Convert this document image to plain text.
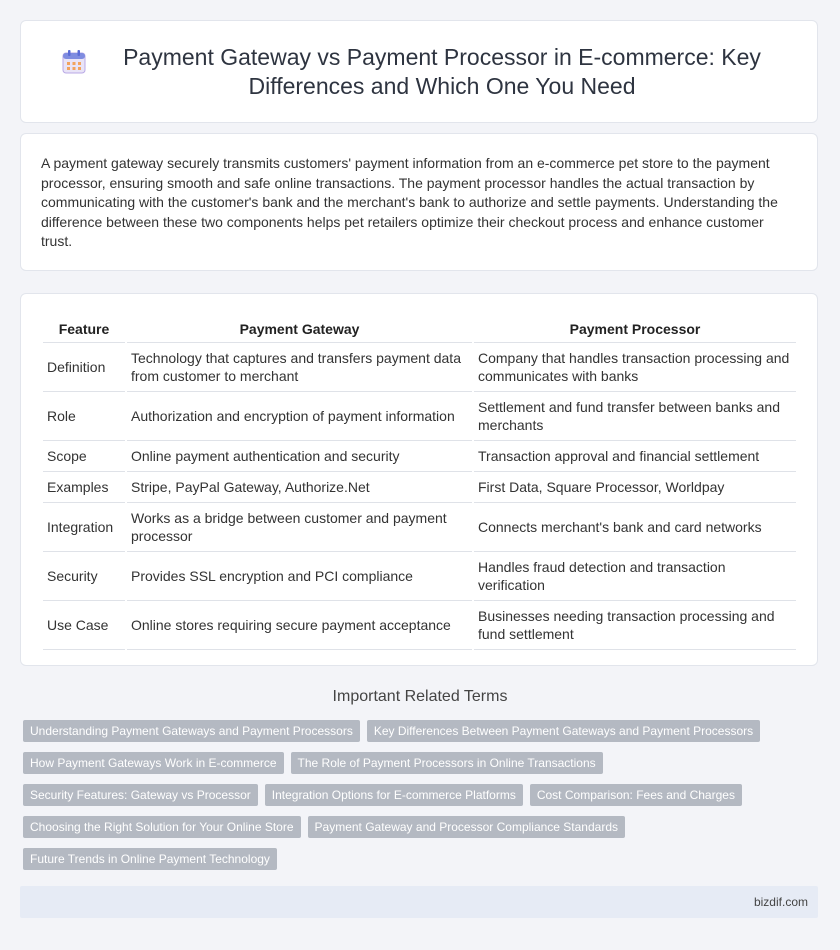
Payment Gateway vs Payment Processor in E-commerce: Key Differences and Which One You Need

A payment gateway securely transmits customers' payment information from an e-commerce pet store to the payment processor, ensuring smooth and safe online transactions. The payment processor handles the actual transaction by communicating with the customer's bank and the merchant's bank to authorize and settle payments. Understanding the difference between these two components helps pet retailers optimize their checkout process and enhance customer trust.

Feature	Payment Gateway	Payment Processor
Definition	Technology that captures and transfers payment data from customer to merchant	Company that handles transaction processing and communicates with banks
Role	Authorization and encryption of payment information	Settlement and fund transfer between banks and merchants
Scope	Online payment authentication and security	Transaction approval and financial settlement
Examples	Stripe, PayPal Gateway, Authorize.Net	First Data, Square Processor, Worldpay
Integration	Works as a bridge between customer and payment processor	Connects merchant's bank and card networks
Security	Provides SSL encryption and PCI compliance	Handles fraud detection and transaction verification
Use Case	Online stores requiring secure payment acceptance	Businesses needing transaction processing and fund settlement
Important Related Terms
Understanding Payment Gateways and Payment Processors Key Differences Between Payment Gateways and Payment Processors
How Payment Gateways Work in E-commerce The Role of Payment Processors in Online Transactions
Security Features: Gateway vs Processor Integration Options for E-commerce Platforms Cost Comparison: Fees and Charges
Choosing the Right Solution for Your Online Store Payment Gateway and Processor Compliance Standards
Future Trends in Online Payment Technology
bizdif.com
